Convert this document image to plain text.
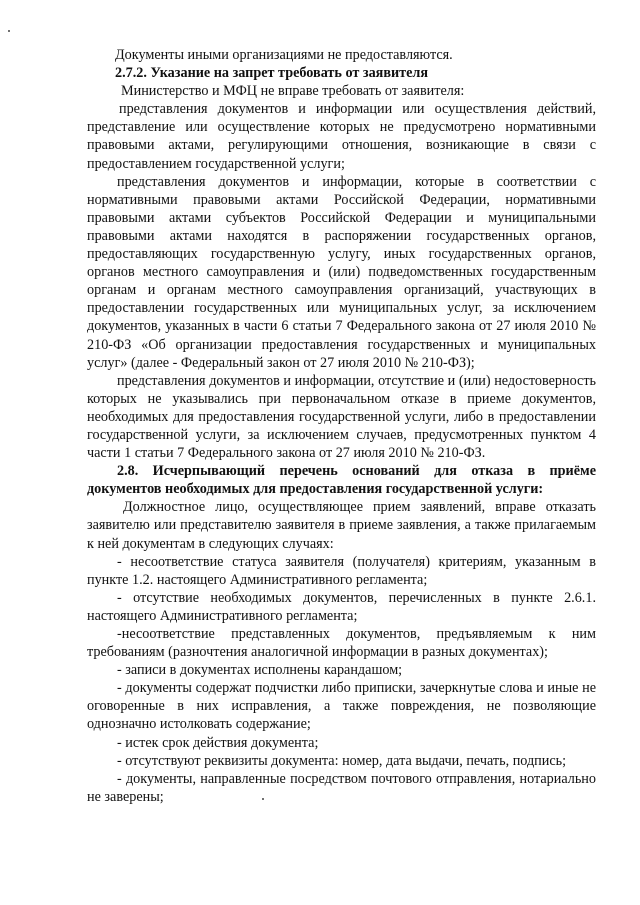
Документы иными организациями не предоставляются.

2.7.2. Указание на запрет требовать от заявителя

Министерство и МФЦ не вправе требовать от заявителя:

представления документов и информации или осуществления действий, представление или осуществление которых не предусмотрено нормативными правовыми актами, регулирующими отношения, возникающие в связи с предоставлением государственной услуги;

представления документов и информации, которые в соответствии с нормативными правовыми актами Российской Федерации, нормативными правовыми актами субъектов Российской Федерации и муниципальными правовыми актами находятся в распоряжении государственных органов, предоставляющих государственную услугу, иных государственных органов, органов местного самоуправления и (или) подведомственных государственным органам и органам местного самоуправления организаций, участвующих в предоставлении государственных или муниципальных услуг, за исключением документов, указанных в части 6 статьи 7 Федерального закона от 27 июля 2010 № 210-ФЗ «Об организации предоставления государственных и муниципальных услуг» (далее - Федеральный закон от 27 июля 2010 № 210-ФЗ);

представления документов и информации, отсутствие и (или) недостоверность которых не указывались при первоначальном отказе в приеме документов, необходимых для предоставления государственной услуги, либо в предоставлении государственной услуги, за исключением случаев, предусмотренных пунктом 4 части 1 статьи 7 Федерального закона от 27 июля 2010 № 210-ФЗ.

2.8. Исчерпывающий перечень оснований для отказа в приёме документов необходимых для предоставления государственной услуги:

Должностное лицо, осуществляющее прием заявлений, вправе отказать заявителю или представителю заявителя в приеме заявления, а также прилагаемым к ней документам в следующих случаях:

- несоответствие статуса заявителя (получателя) критериям, указанным в пункте 1.2. настоящего Административного регламента;

- отсутствие необходимых документов, перечисленных в пункте 2.6.1. настоящего Административного регламента;

-несоответствие представленных документов, предъявляемым к ним требованиям (разночтения аналогичной информации в разных документах);

- записи в документах исполнены карандашом;

- документы содержат подчистки либо приписки, зачеркнутые слова и иные не оговоренные в них исправления, а также повреждения, не позволяющие однозначно истолковать содержание;

- истек срок действия документа;

- отсутствуют реквизиты документа: номер, дата выдачи, печать, подпись;

- документы, направленные посредством почтового отправления, нотариально не заверены;
